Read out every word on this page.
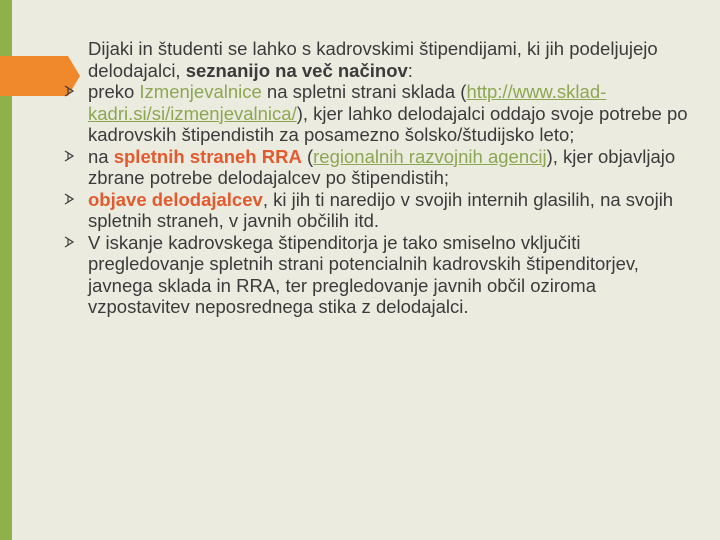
Dijaki in študenti se lahko s kadrovskimi štipendijami, ki jih podeljujejo delodajalci, seznanijo na več načinov:

preko Izmenjevalnice na spletni strani sklada (http://www.sklad-kadri.si/si/izmenjevalnica/), kjer lahko delodajalci oddajo svoje potrebe po kadrovskih štipendistih za posamezno šolsko/študijsko leto;

na spletnih straneh RRA (regionalnih razvojnih agencij), kjer objavljajo zbrane potrebe delodajalcev po štipendistih;

objave delodajalcev, ki jih ti naredijo v svojih internih glasilih, na svojih spletnih straneh, v javnih občilih itd.

V iskanje kadrovskega štipenditorja je tako smiselno vključiti pregledovanje spletnih strani potencialnih kadrovskih štipenditorjev, javnega sklada in RRA, ter pregledovanje javnih občil oziroma vzpostavitev neposrednega stika z delodajalci.
